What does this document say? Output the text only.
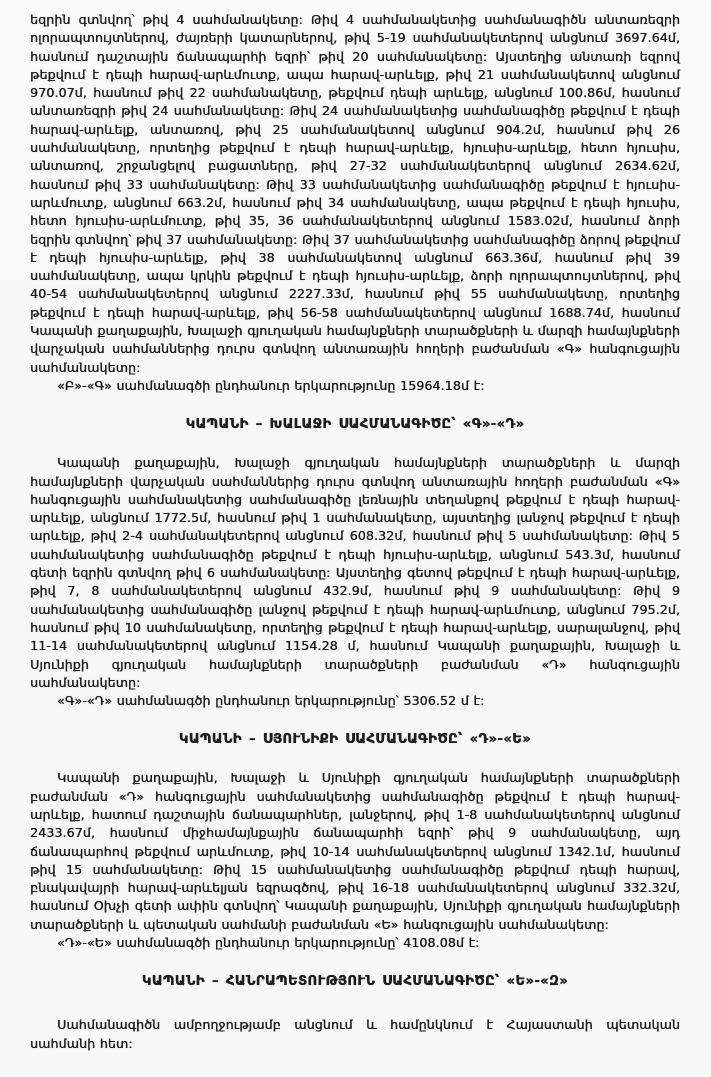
եզրին գտնվող՝ թիվ 4 սահմանակետը: Թիվ 4 սահմանակետից սահմանագիծն անտառեզրի ոլորապտույտներով, ժայռերի կատարներով, թիվ 5-19 սահմանակետերով անցնում 3697.64մ, հասնում դաշտային ճանապարհի եզրի՝ թիվ 20 սահմանակետը: Այստեղից անտառի եզրով թեքվում է դեպի հարավ-արևմուտք, ապա հարավ-արևելք, թիվ 21 սահմանակետով անցնում 970.07մ, հասնում թիվ 22 սահմանակետը, թեքվում դեպի արևելք, անցնում 100.86մ, հասնում անտառեզրի թիվ 24 սահմանակետը: Թիվ 24 սահմանակետից սահմանագիծը թեքվում է դեպի հարավ-արևելք, անտառով, թիվ 25 սահմանակետով անցնում 904.2մ, հասնում թիվ 26 սահմանակետը, որտեղից թեքվում է դեպի հարավ-արևելք, հյուսիս-արևելք, հետո հյուսիս, անտառով, շրջանցելով բացատները, թիվ 27-32 սահմանակետերով անցնում 2634.62մ, հասնում թիվ 33 սահմանակետը: Թիվ 33 սահմանակետից սահմանագիծը թեքվում է հյուսիս-արևմուտք, անցնում 663.2մ, հասնում թիվ 34 սահմանակետը, ապա թեքվում է դեպի հյուսիս, հետո հյուսիս-արևմուտք, թիվ 35, 36 սահմանակետերով անցնում 1583.02մ, հասնում ձորի եզրին գտնվող՝ թիվ 37 սահմանակետը: Թիվ 37 սահմանակետից սահմանագիծը ձորով թեքվում է դեպի հյուսիս-արևելք, թիվ 38 սահմանակետով անցնում 663.36մ, հասնում թիվ 39 սահմանակետը, ապա կրկին թեքվում է դեպի հյուսիս-արևելք, ձորի ոլորապտույտներով, թիվ 40-54 սահմանակետերով անցնում 2227.33մ, հասնում թիվ 55 սահմանակետը, որտեղից թեքվում է դեպի հարավ-արևելք, թիվ 56-58 սահմանակետերով անցնում 1688.74մ, հասնում Կապանի քաղաքային, Խալաջի գյուղական համայնքների տարածքների և մարզի համայնքների վարչական սահմաններից դուրս գտնվող անտառային հողերի բաժանման «Գ» հանգուցային սահմանակետը:

«Բ»-«Գ» սահմանագծի ընդհանուր երկարությունը 15964.18մ է:

ԿԱՊԱՆԻ – ԽԱԼԱՋԻ ՍԱՀՄԱՆԱԳԻԾԸ՝ «Գ»-«Դ»

Կապանի քաղաքային, Խալաջի գյուղական համայնքների տարածքների և մարզի համայնքների վարչական սահմաններից դուրս գտնվող անտառային հողերի բաժանման «Գ» հանգուցային սահմանակետից սահմանագիծը լեռնային տեղանքով թեքվում է դեպի հարավ-արևելք, անցնում 1772.5մ, հասնում թիվ 1 սահմանակետը, այստեղից լանջով թեքվում է դեպի արևելք, թիվ 2-4 սահմանակետերով անցնում 608.32մ, հասնում թիվ 5 սահմանակետը: Թիվ 5 սահմանակետից սահմանագիծը թեքվում է դեպի հյուսիս-արևելք, անցնում 543.3մ, հասնում գետի եզրին գտնվող թիվ 6 սահմանակետը: Այստեղից գետով թեքվում է դեպի հարավ-արևելք, թիվ 7, 8 սահմանակետերով անցնում 432.9մ, հասնում թիվ 9 սահմանակետը: Թիվ 9 սահմանակետից սահմանագիծը լանջով թեքվում է դեպի հարավ-արևմուտք, անցնում 795.2մ, հասնում թիվ 10 սահմանակետը, որտեղից թեքվում է դեպի հարավ-արևելք, սարալանջով, թիվ 11-14 սահմանակետերով անցնում 1154.28 մ, հասնում Կապանի քաղաքային, Խալաջի և Սյունիքի գյուղական համայնքների տարածքների բաժանման «Դ» հանգուցային սահմանակետը:

«Գ»-«Դ» սահմանագծի ընդհանուր երկարությունը՝ 5306.52 մ է:

ԿԱՊԱՆԻ – ՍՅՈՒՆԻՔԻ ՍԱՀՄԱՆԱԳԻԾԸ՝ «Դ»-«Ե»

Կապանի քաղաքային, Խալաջի և Սյունիքի գյուղական համայնքների տարածքների բաժանման «Դ» հանգուցային սահմանակետից սահմանագիծը թեքվում է դեպի հարավ-արևելք, հատում դաշտային ճանապարհներ, լանջերով, թիվ 1-8 սահմանակետերով անցնում 2433.67մ, հասնում միջհամայնքային ճանապարհի եզրի՝ թիվ 9 սահմանակետը, այդ ճանապարհով թեքվում արևմուտք, թիվ 10-14 սահմանակետերով անցնում 1342.1մ, հասնում թիվ 15 սահմանակետը: Թիվ 15 սահմանակետից սահմանագիծը թեքվում դեպի հարավ, բնակավայրի հարավ-արևելյան եզրագծով, թիվ 16-18 սահմանակետերով անցնում 332.32մ, հասնում Օխչի գետի ափին գտնվող՝ Կապանի քաղաքային, Սյունիքի գյուղական համայնքների տարածքների և պետական սահմանի բաժանման «Ե» հանգուցային սահմանակետը:

«Դ»-«Ե» սահմանագծի ընդհանուր երկարությունը՝ 4108.08մ է:

ԿԱՊԱՆԻ – ՀԱՆՐԱՊԵՏՈՒԹՅՈՒՆ ՍԱՀՄԱՆԱԳԻԾԸ՝ «Ե»-«Զ»

Սահմանագիծն ամբողջությամբ անցնում և համընկնում է Հայաստանի պետական սահմանի հետ:
